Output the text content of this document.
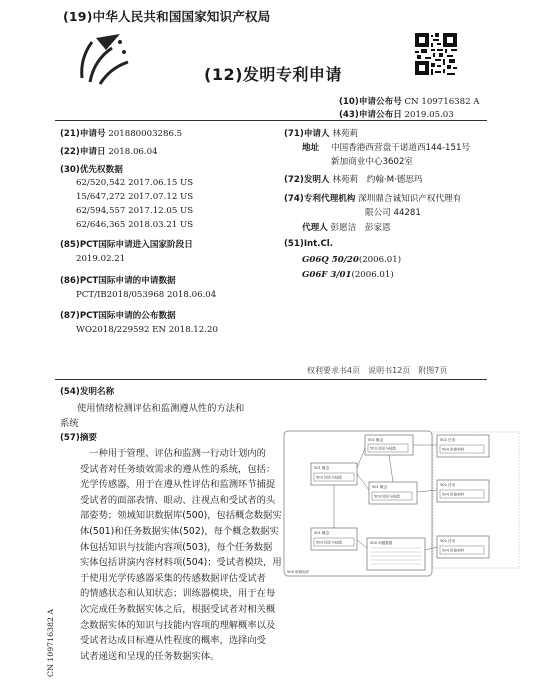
(19)中华人民共和国国家知识产权局
(12)发明专利申请
(10)申请公布号 CN 109716382 A
(43)申请公布日 2019.05.03
(21)申请号 201880003286.5
(22)申请日 2018.06.04
(30)优先权数据
62/520,542 2017.06.15 US
15/647,272 2017.07.12 US
62/594,557 2017.12.05 US
62/646,365 2018.03.21 US
(85)PCT国际申请进入国家阶段日
2019.02.21
(86)PCT国际申请的申请数据
PCT/IB2018/053968 2018.06.04
(87)PCT国际申请的公布数据
WO2018/229592 EN 2018.12.20
(71)申请人 林苑莉
地址 中国香港西营盘干诺道西144-151号
新加商业中心3602室
(72)发明人 林苑莉　约翰·M·德思玛
(74)专利代理机构 深圳鼎合诚知识产权代理有
限公司 44281
代理人 彭愿洁　彭家恩
(51)Int.Cl.
G06Q 50/20(2006.01)
G06F 3/01(2006.01)
权利要求书4页　说明书12页　附图7页
(54)发明名称
使用情绪检测评估和监测遵从性的方法和
系统
(57)摘要
　一种用于管理、评估和监测一行动计划内的
受试者对任务绩效需求的遵从性的系统，包括：
光学传感器，用于在遵从性评估和监测环节捕捉
受试者的面部表情、眼动、注视点和受试者的头
部姿势；领域知识数据库(500)，包括概念数据实
体(501)和任务数据实体(502)，每个概念数据实
体包括知识与技能内容项(503)，每个任务数据
实体包括讲演内容材料项(504)；受试者模块，用
于使用光学传感器采集的传感数据评估受试者
的情感状态和认知状态；训练器模块，用于在每
次完成任务数据实体之后，根据受试者对相关概
念数据实体的知识与技能内容项的理解概率以及
受试者达成目标遵从性程度的概率，选择向受
试者递送和呈现的任务数据实体。
CN 109716382 A
501 概念
503 知识与技能
501 概念
503 知识与技能
501 概念
503 知识与技能
501 概念
503 知识与技能	500 问题数据
500 领域知识
502 任务
504 讲演材料
502 任务
504 讲演材料
502 任务
504 讲演材料
